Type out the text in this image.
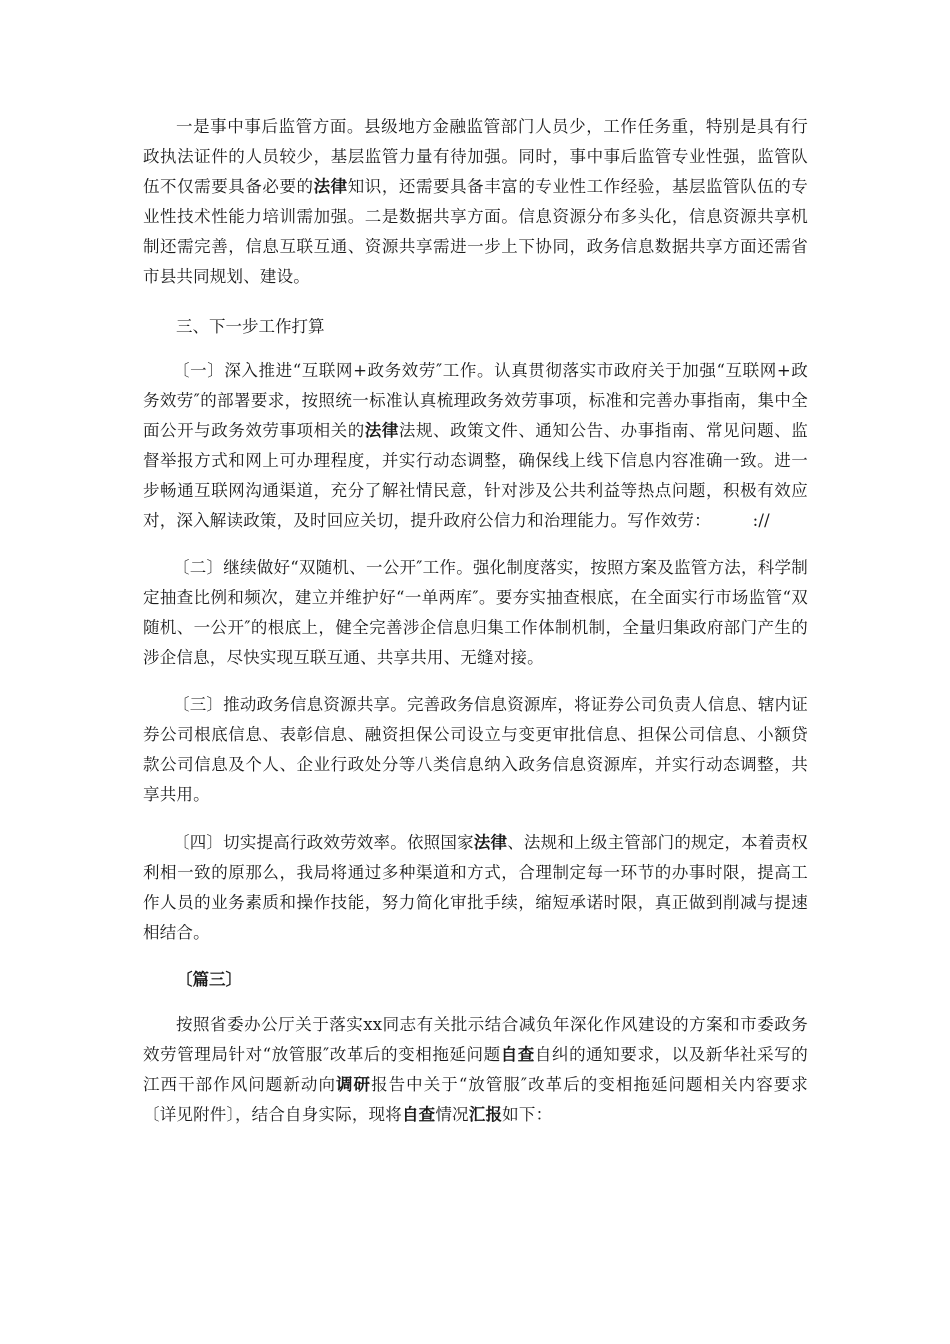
一是事中事后监管方面。县级地方金融监管部门人员少，工作任务重，特别是具有行政执法证件的人员较少，基层监管力量有待加强。同时，事中事后监管专业性强，监管队伍不仅需要具备必要的法律知识，还需要具备丰富的专业性工作经验，基层监管队伍的专业性技术性能力培训需加强。二是数据共享方面。信息资源分布多头化，信息资源共享机制还需完善，信息互联互通、资源共享需进一步上下协同，政务信息数据共享方面还需省市县共同规划、建设。

三、下一步工作打算

〔一〕深入推进“互联网+政务效劳″工作。认真贯彻落实市政府关于加强“互联网+政务效劳″的部署要求，按照统一标准认真梳理政务效劳事项，标准和完善办事指南，集中全面公开与政务效劳事项相关的法律法规、政策文件、通知公告、办事指南、常见问题、监督举报方式和网上可办理程度，并实行动态调整，确保线上线下信息内容准确一致。进一步畅通互联网沟通渠道，充分了解社情民意，针对涉及公共利益等热点问题，积极有效应对，深入解读政策，及时回应关切，提升政府公信力和治理能力。写作效劳：　　　://

〔二〕继续做好“双随机、一公开″工作。强化制度落实，按照方案及监管方法，科学制定抽查比例和频次，建立并维护好“一单两库″。要夯实抽查根底，在全面实行市场监管“双随机、一公开″的根底上，健全完善涉企信息归集工作体制机制，全量归集政府部门产生的涉企信息，尽快实现互联互通、共享共用、无缝对接。

〔三〕推动政务信息资源共享。完善政务信息资源库，将证券公司负责人信息、辖内证券公司根底信息、表彰信息、融资担保公司设立与变更审批信息、担保公司信息、小额贷款公司信息及个人、企业行政处分等八类信息纳入政务信息资源库，并实行动态调整，共享共用。

〔四〕切实提高行政效劳效率。依照国家法律、法规和上级主管部门的规定，本着责权利相一致的原那么，我局将通过多种渠道和方式，合理制定每一环节的办事时限，提高工作人员的业务素质和操作技能，努力简化审批手续，缩短承诺时限，真正做到削减与提速相结合。

〔篇三〕

按照省委办公厅关于落实xx同志有关批示结合减负年深化作风建设的方案和市委政务效劳管理局针对“放管服″改革后的变相拖延问题自查自纠的通知要求，以及新华社采写的江西干部作风问题新动向调研报告中关于“放管服″改革后的变相拖延问题相关内容要求〔详见附件〕，结合自身实际，现将自查情况汇报如下：
